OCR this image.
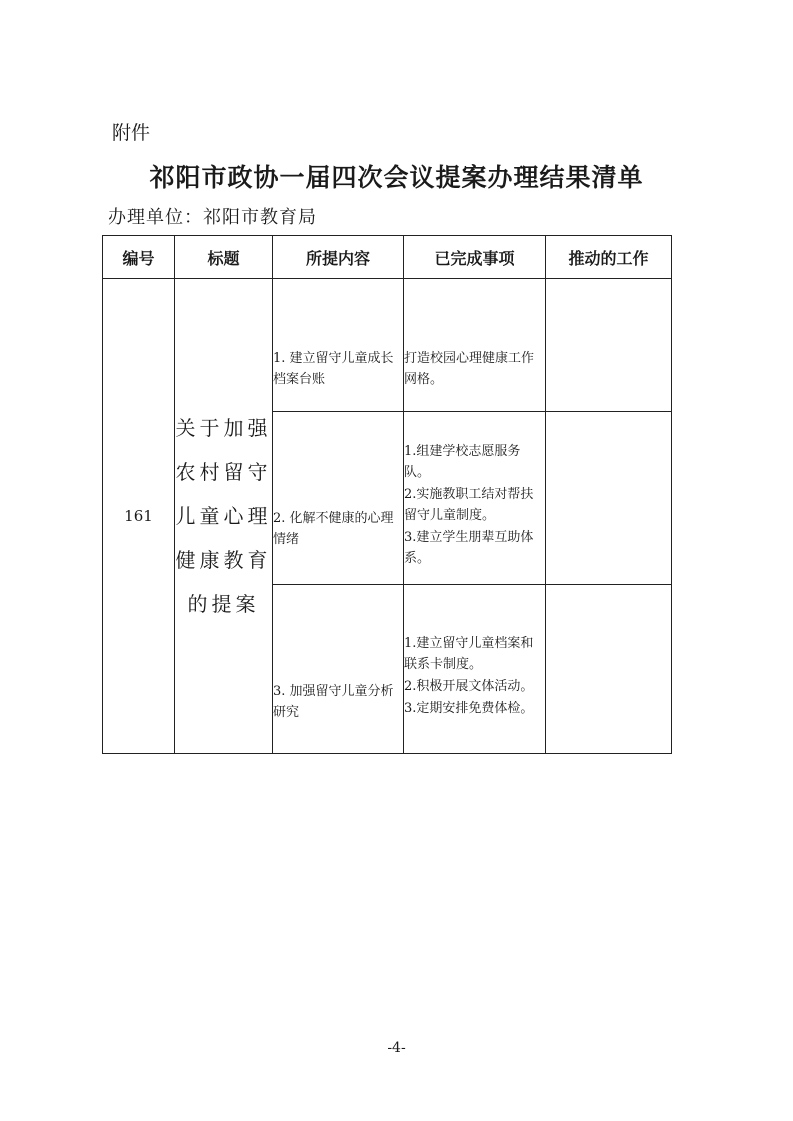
附件
祁阳市政协一届四次会议提案办理结果清单
办理单位：祁阳市教育局
编号	标题	所提内容	已完成事项	推动的工作
161	关于加强农村留守儿童心理健康教育的提案	1. 建立留守儿童成长档案台账	打造校园心理健康工作网格。	

		2. 化解不健康的心理情绪	1.组建学校志愿服务队。
2.实施教职工结对帮扶留守儿童制度。
3.建立学生朋辈互助体系。	

		3. 加强留守儿童分析研究	1.建立留守儿童档案和联系卡制度。
2.积极开展文体活动。
3.定期安排免费体检。	

-4-
